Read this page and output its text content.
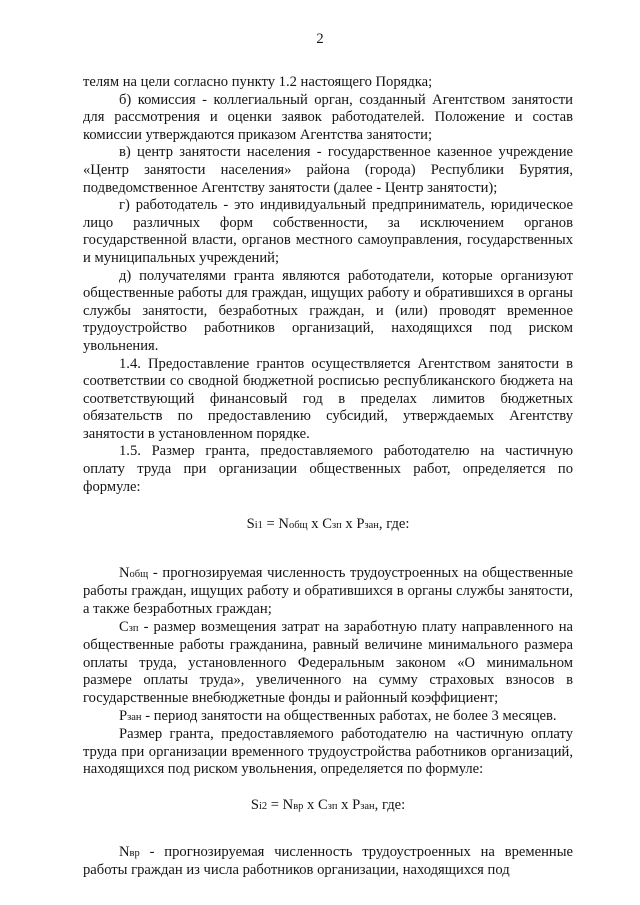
2

телям на цели согласно пункту 1.2 настоящего Порядка;

б) комиссия - коллегиальный орган, созданный Агентством занятости для рассмотрения и оценки заявок работодателей. Положение и состав комиссии утверждаются приказом Агентства занятости;

в) центр занятости населения - государственное казенное учреждение «Центр занятости населения» района (города) Республики Бурятия, подведомственное Агентству занятости (далее - Центр занятости);

г) работодатель - это индивидуальный предприниматель, юридическое лицо различных форм собственности, за исключением органов государственной власти, органов местного самоуправления, государственных и муниципальных учреждений;

д) получателями гранта являются работодатели, которые организуют общественные работы для граждан, ищущих работу и обратившихся в органы службы занятости, безработных граждан, и (или) проводят временное трудоустройство работников организаций, находящихся под риском увольнения.

1.4. Предоставление грантов осуществляется Агентством занятости в соответствии со сводной бюджетной росписью республиканского бюджета на соответствующий финансовый год в пределах лимитов бюджетных обязательств по предоставлению субсидий, утверждаемых Агентству занятости в установленном порядке.

1.5. Размер гранта, предоставляемого работодателю на частичную оплату труда при организации общественных работ, определяется по формуле:

Si1 = Nобщ x Cзп x Pзан, где:

Nобщ - прогнозируемая численность трудоустроенных на общественные работы граждан, ищущих работу и обратившихся в органы службы занятости, а также безработных граждан;

Cзп - размер возмещения затрат на заработную плату направленного на общественные работы гражданина, равный величине минимального размера оплаты труда, установленного Федеральным законом «О минимальном размере оплаты труда», увеличенного на сумму страховых взносов в государственные внебюджетные фонды и районный коэффициент;

Pзан - период занятости на общественных работах, не более 3 месяцев.

Размер гранта, предоставляемого работодателю на частичную оплату труда при организации временного трудоустройства работников организаций, находящихся под риском увольнения, определяется по формуле:

Si2 = Nвр x Cзп x Pзан, где:

Nвр - прогнозируемая численность трудоустроенных на временные работы граждан из числа работников организации, находящихся под
